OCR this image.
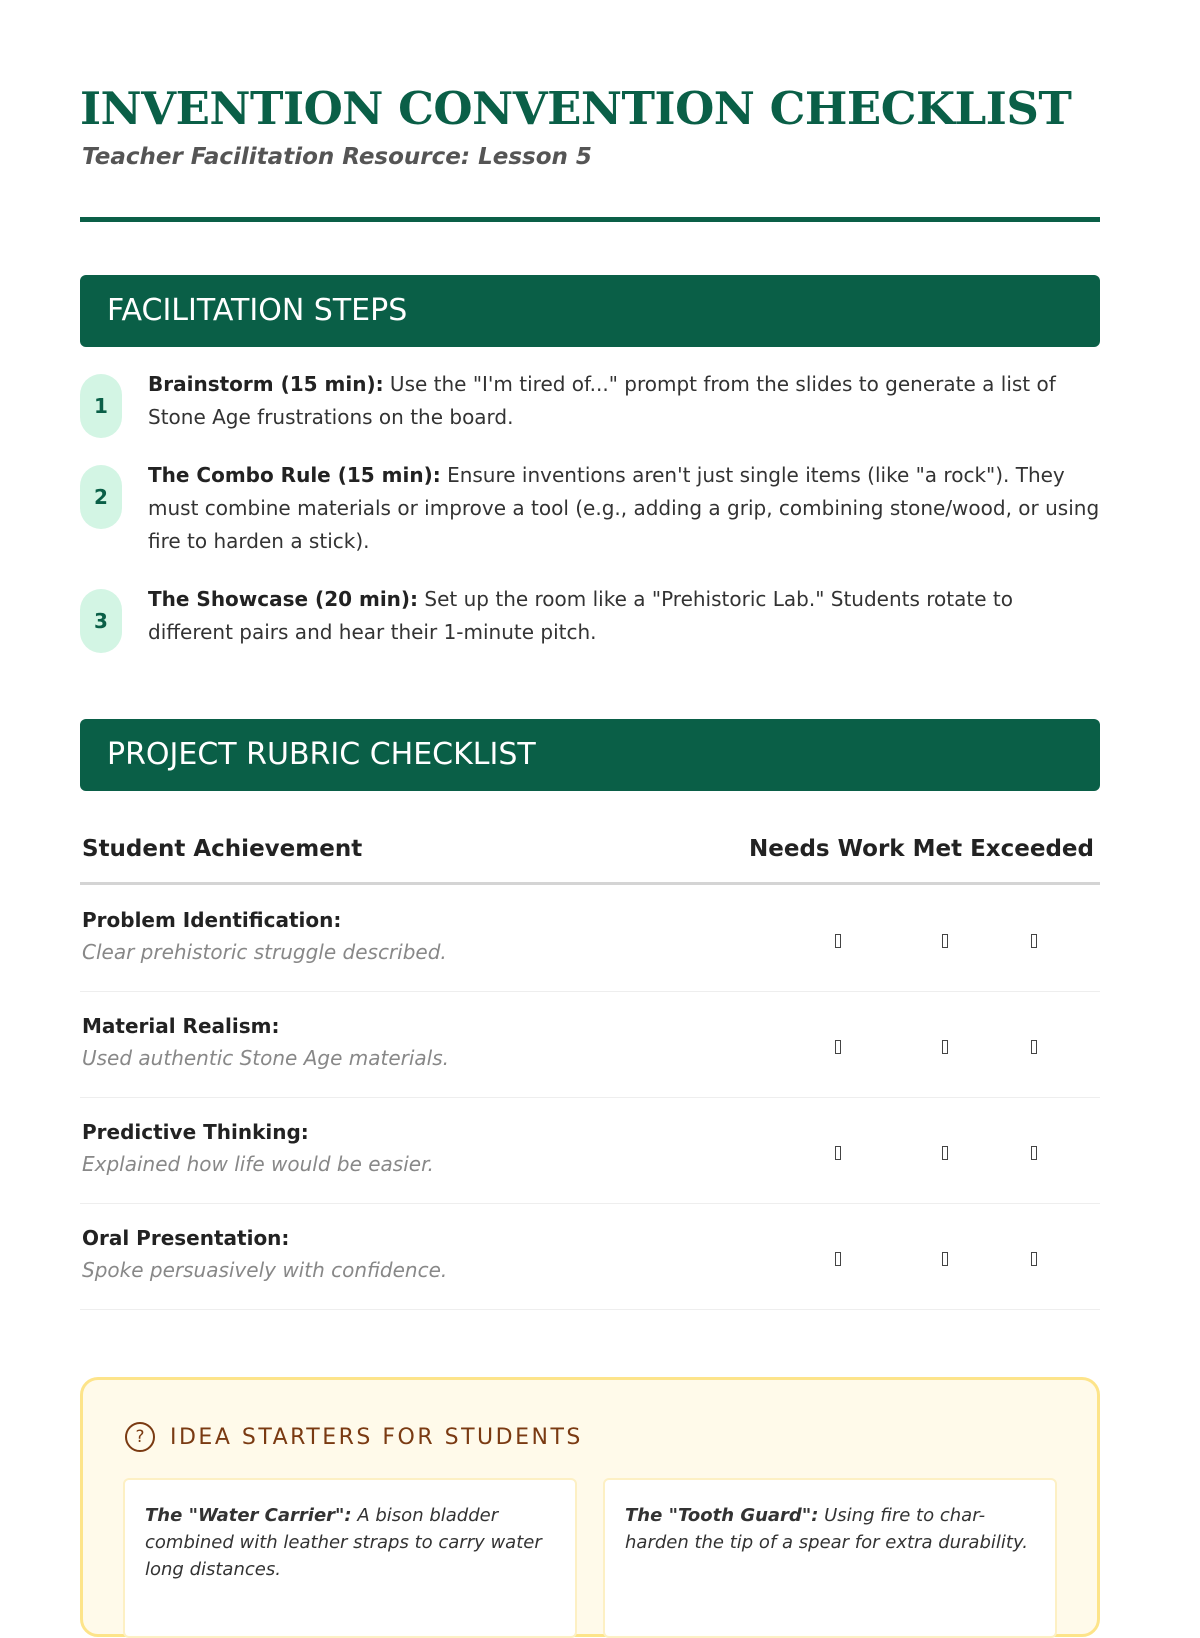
INVENTION CONVENTION CHECKLIST
Teacher Facilitation Resource: Lesson 5
FACILITATION STEPS
1
Brainstorm (15 min): Use the "I'm tired of..." prompt from the slides to generate a list of Stone Age frustrations on the board.
2
The Combo Rule (15 min): Ensure inventions aren't just single items (like "a rock"). They must combine materials or improve a tool (e.g., adding a grip, combining stone/wood, or using fire to harden a stick).
3
The Showcase (20 min): Set up the room like a "Prehistoric Lab." Students rotate to different pairs and hear their 1-minute pitch.
PROJECT RUBRIC CHECKLIST
Student Achievement	Needs Work Met Exceeded
Problem Identification:
Clear prehistoric struggle described.
Material Realism:
Used authentic Stone Age materials.
Predictive Thinking:
Explained how life would be easier.
Oral Presentation:
Spoke persuasively with confidence.
?	IDEA STARTERS FOR STUDENTS
The "Water Carrier": A bison bladder combined with leather straps to carry water long distances.
The "Tooth Guard": Using fire to char-harden the tip of a spear for extra durability.
